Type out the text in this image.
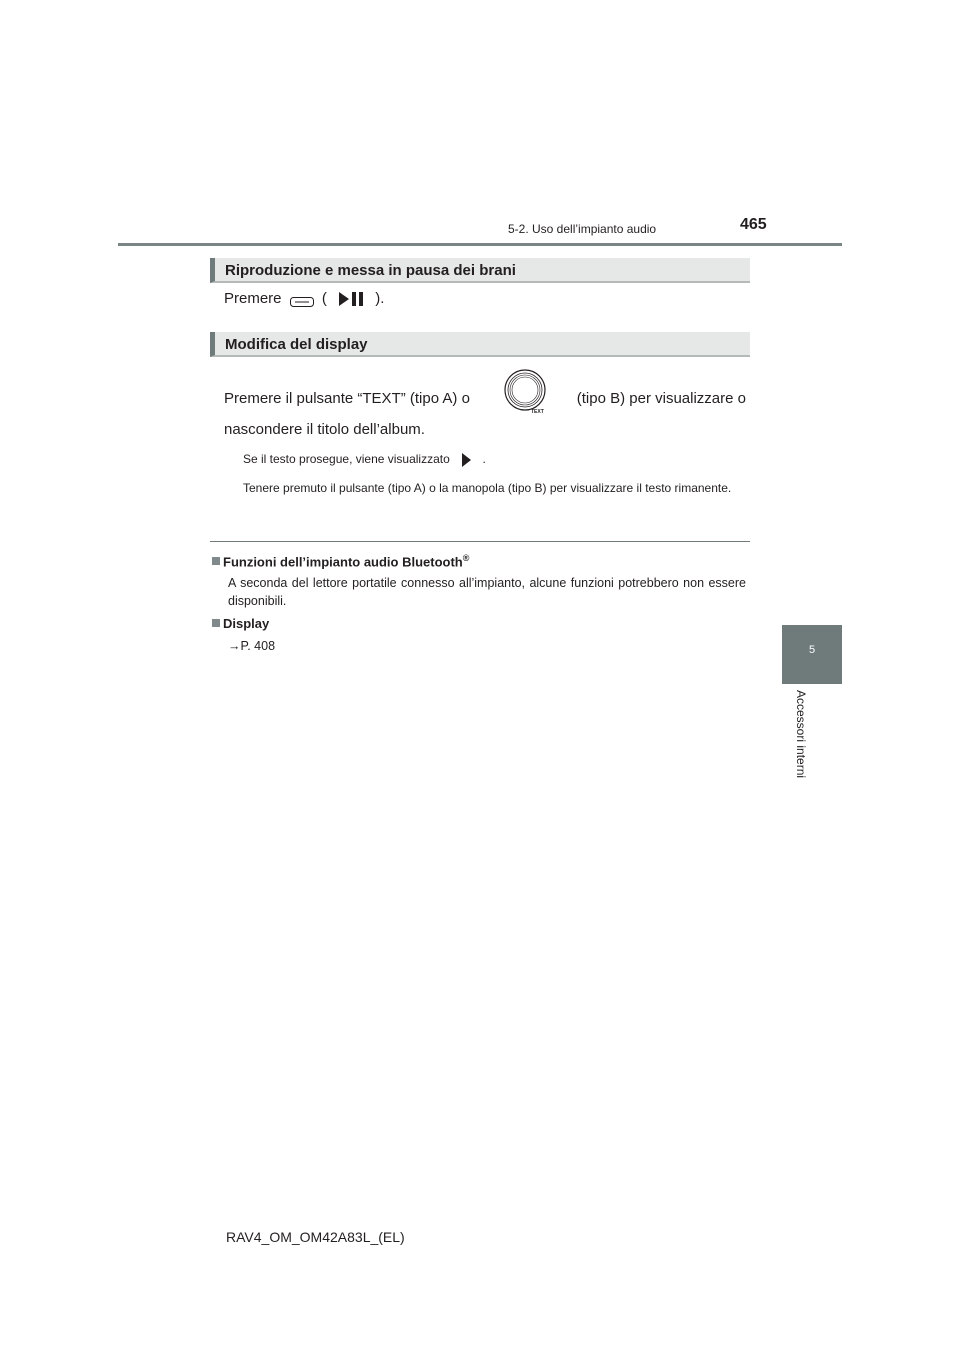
5-2. Uso dell’impianto audio	465
5
Accessori interni
Riproduzione e messa in pausa dei brani
Premere	(	).
Modifica del display
Premere il pulsante “TEXT” (tipo A) o
TEXT
(tipo B) per visualizzare o
nascondere il titolo dell’album.
Se il testo prosegue, viene visualizzato	.
Tenere premuto il pulsante (tipo A) o la manopola (tipo B) per visualizzare il testo rimanente.
Funzioni dell’impianto audio Bluetooth®
A seconda del lettore portatile connesso all’impianto, alcune funzioni potrebbero non essere disponibili.
Display
→P. 408
RAV4_OM_OM42A83L_(EL)
